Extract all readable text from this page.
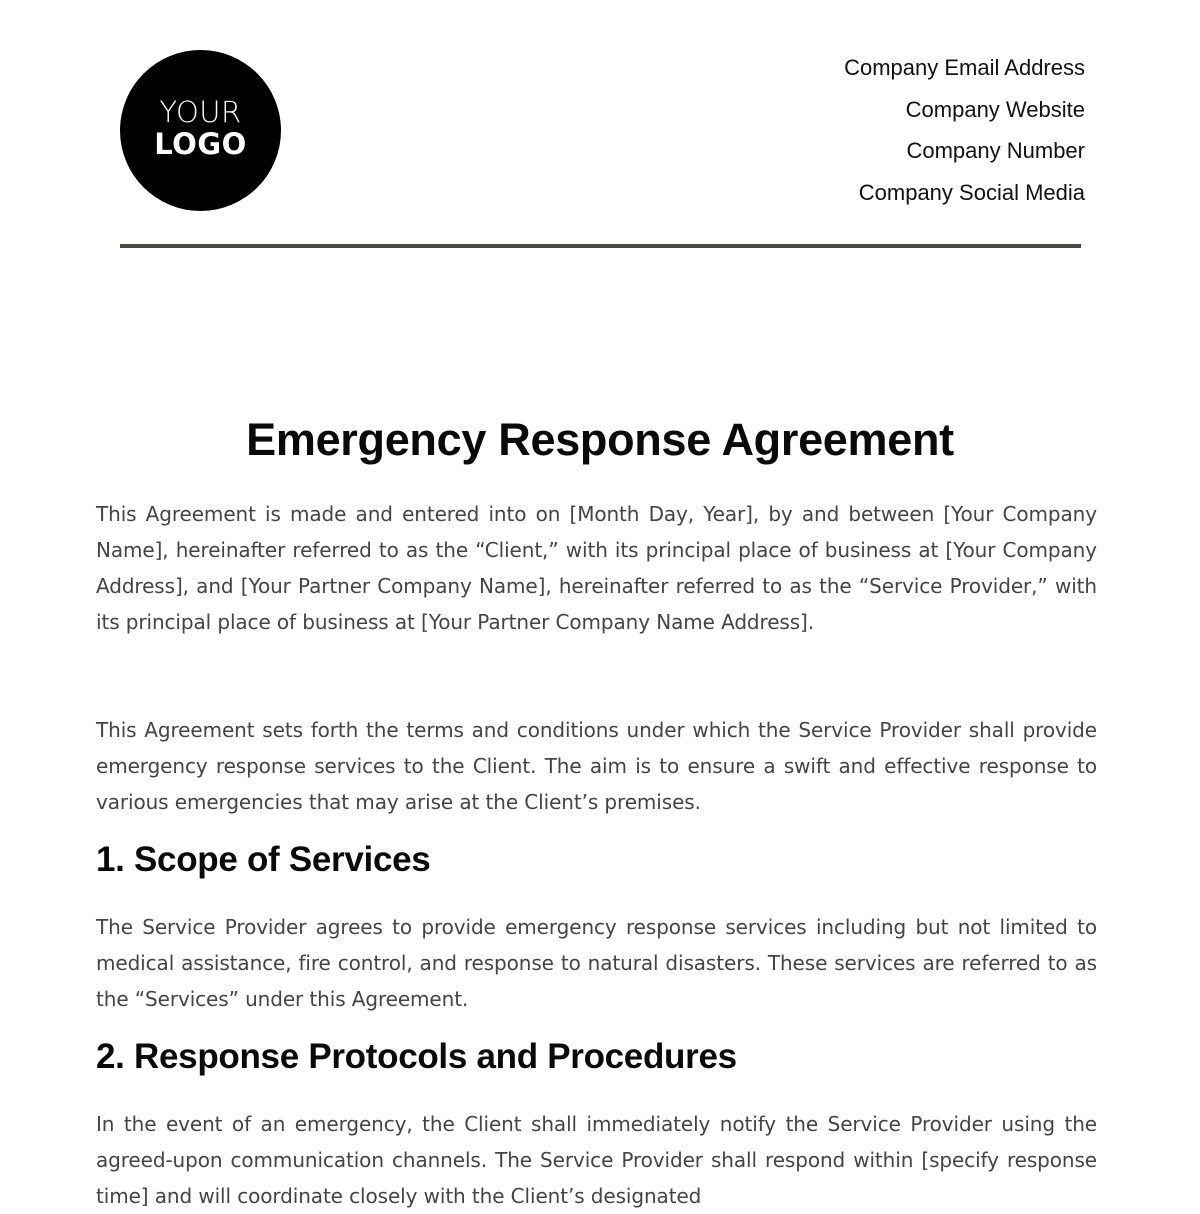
YOUR
LOGO
Company Email Address
Company Website
Company Number
Company Social Media
Emergency Response Agreement

This Agreement is made and entered into on [Month Day, Year], by and between [Your Company Name], hereinafter referred to as the “Client,” with its principal place of business at [Your Company Address], and [Your Partner Company Name], hereinafter referred to as the “Service Provider,” with its principal place of business at [Your Partner Company Name Address].

This Agreement sets forth the terms and conditions under which the Service Provider shall provide emergency response services to the Client. The aim is to ensure a swift and effective response to various emergencies that may arise at the Client’s premises.

1. Scope of Services

The Service Provider agrees to provide emergency response services including but not limited to medical assistance, fire control, and response to natural disasters. These services are referred to as the “Services” under this Agreement.

2. Response Protocols and Procedures

In the event of an emergency, the Client shall immediately notify the Service Provider using the agreed-upon communication channels. The Service Provider shall respond within [specify response time] and will coordinate closely with the Client’s designated
